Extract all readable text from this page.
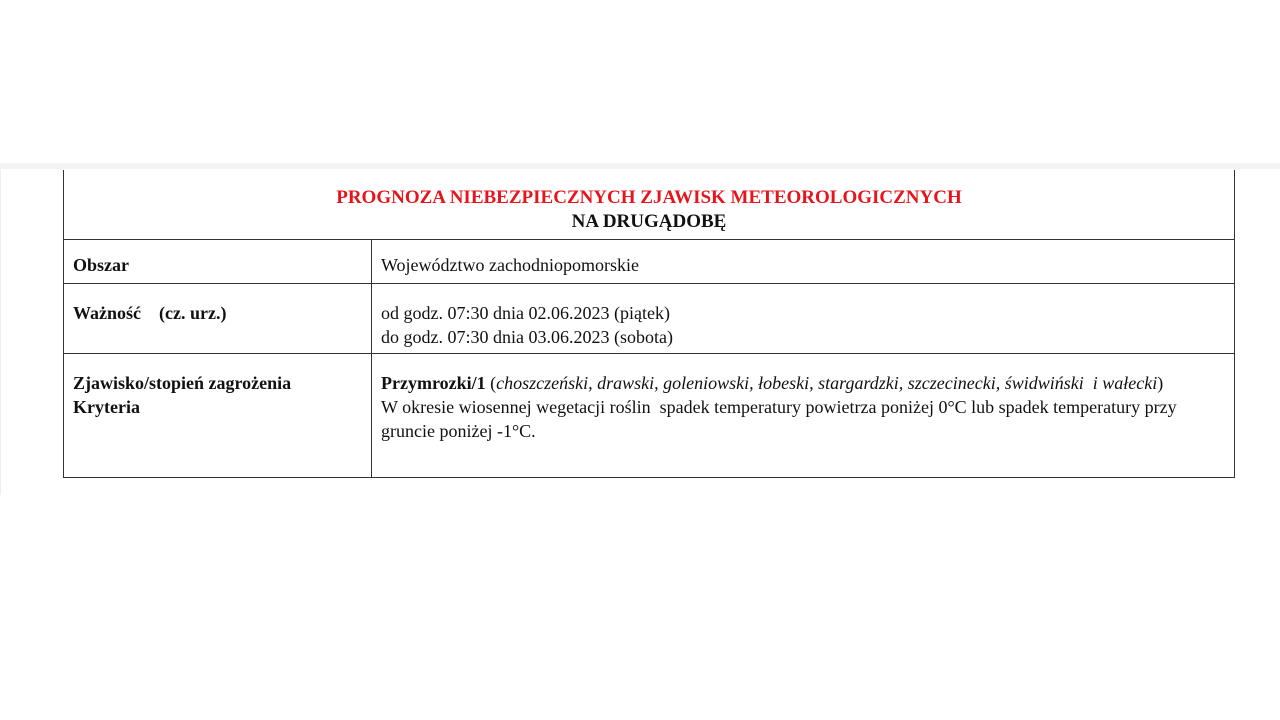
PROGNOZA NIEBEZPIECZNYCH ZJAWISK METEOROLOGICZNYCH
NA DRUGĄDOBĘ
Obszar	Województwo zachodniopomorskie
Ważność    (cz. urz.)	od godz. 07:30 dnia 02.06.2023 (piątek)
do godz. 07:30 dnia 03.06.2023 (sobota)
Zjawisko/stopień zagrożenia
Kryteria
Przymrozki/1 (choszczeński, drawski, goleniowski, łobeski, stargardzki, szczecinecki, świdwiński  i wałecki)
W okresie wiosennej wegetacji roślin  spadek temperatury powietrza poniżej 0°C lub spadek temperatury przy gruncie poniżej -1°C.
